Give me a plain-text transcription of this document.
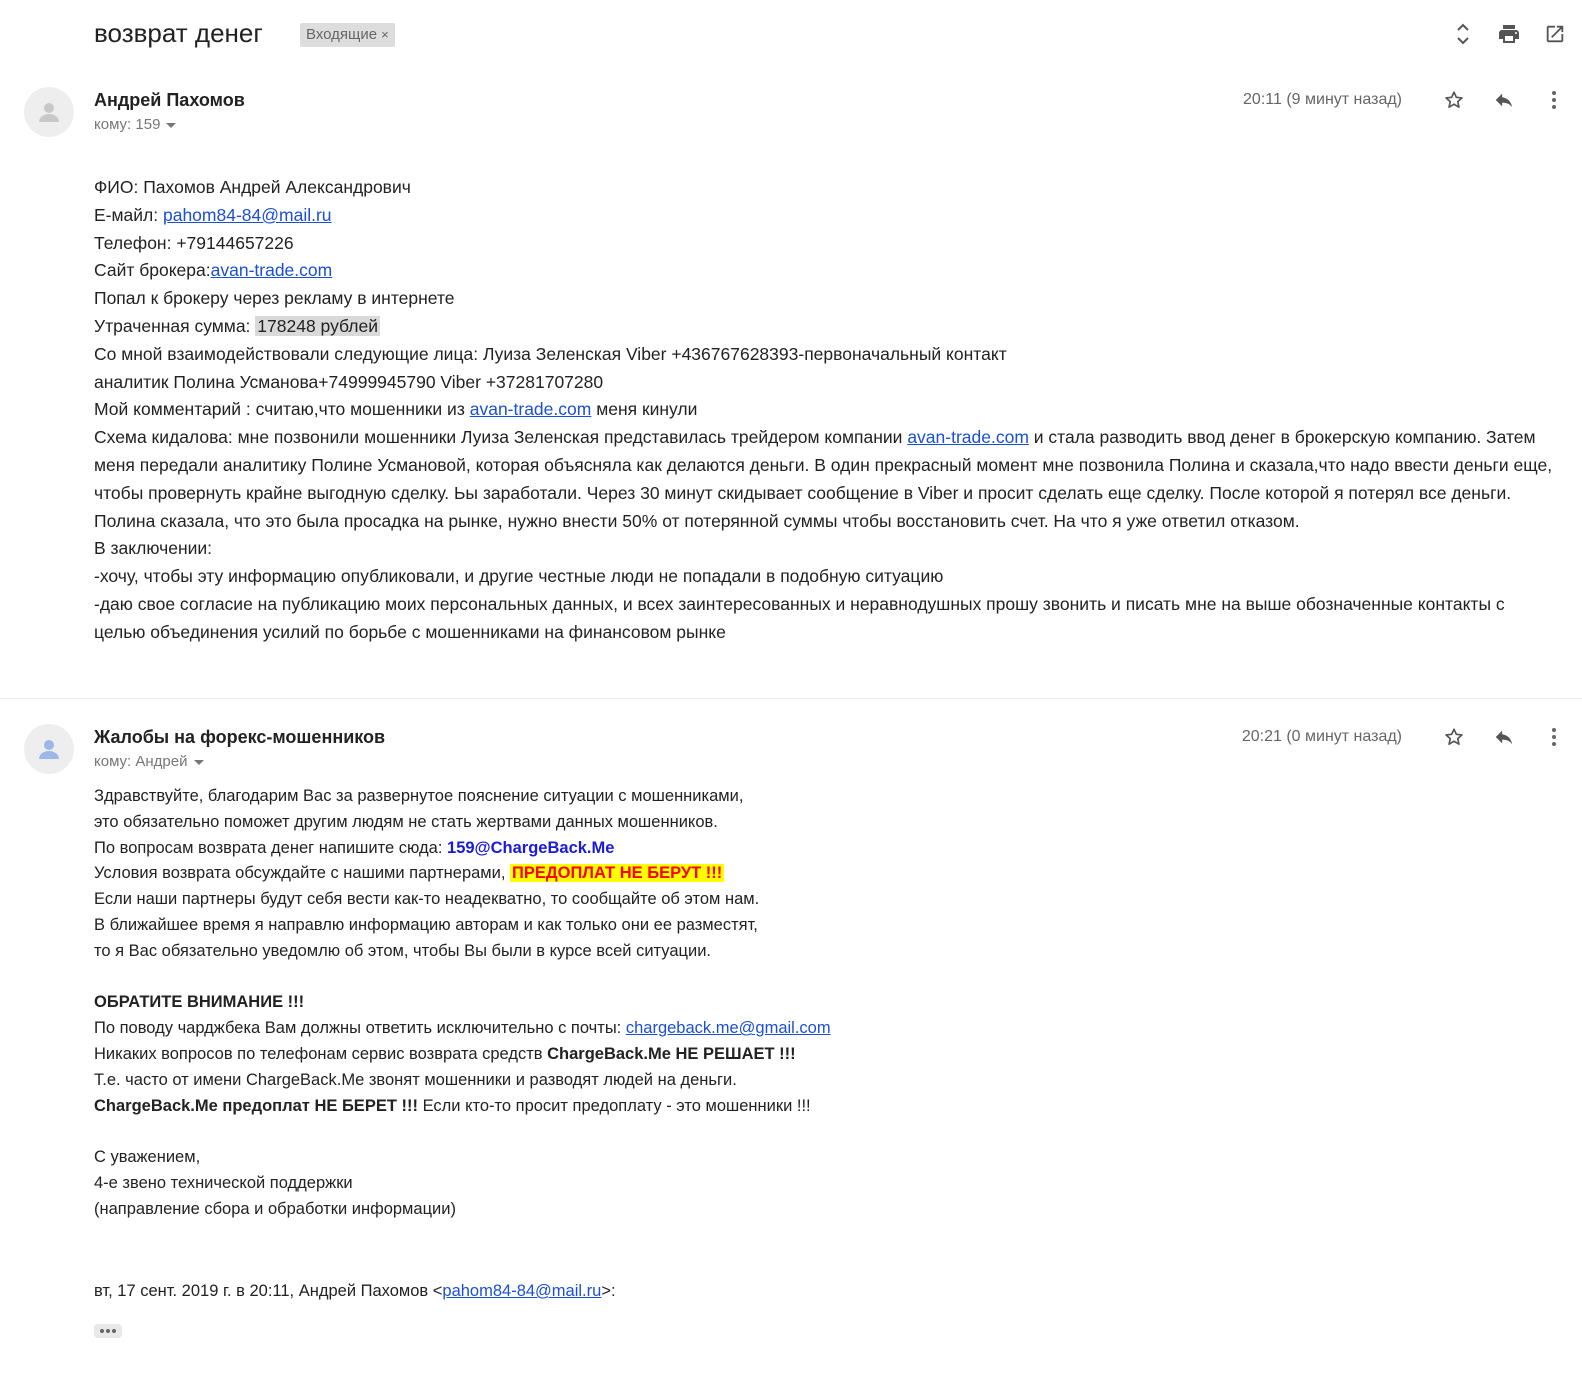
возврат денег	Входящие ×
Андрей Пахомов
кому: 159
20:11 (9 минут назад)

ФИО: Пахомов Андрей Александрович

Е-майл: pahom84-84@mail.ru

Телефон: +79144657226

Сайт брокера:avan-trade.com

Попал к брокеру через рекламу в интернете

Утраченная сумма: 178248 рублей

Со мной взаимодействовали следующие лица: Луиза Зеленская Viber +436767628393-первоначальный контакт

аналитик Полина Усманова+74999945790 Viber +37281707280

Мой комментарий : считаю,что мошенники из avan-trade.com меня кинули

Схема кидалова: мне позвонили мошенники Луиза Зеленская представилась трейдером компании avan-trade.com и стала разводить ввод денег в брокерскую компанию. Затем меня передали аналитику Полине Усмановой, которая объясняла как делаются деньги. В один прекрасный момент мне позвонила Полина и сказала,что надо ввести деньги еще, чтобы провернуть крайне выгодную сделку. Ьы заработали. Через 30 минут скидывает сообщение в Viber и просит сделать еще сделку. После которой я потерял все деньги. Полина сказала, что это была просадка на рынке, нужно внести 50% от потерянной суммы чтобы восстановить счет. На что я уже ответил отказом.

В заключении:

-хочу, чтобы эту информацию опубликовали, и другие честные люди не попадали в подобную ситуацию

-даю свое согласие на публикацию моих персональных данных, и всех заинтересованных и неравнодушных прошу звонить и писать мне на выше обозначенные контакты с целью объединения усилий по борьбе с мошенниками на финансовом рынке

Жалобы на форекс-мошенников
кому: Андрей
20:21 (0 минут назад)

Здравствуйте, благодарим Вас за развернутое пояснение ситуации с мошенниками,

это обязательно поможет другим людям не стать жертвами данных мошенников.

По вопросам возврата денег напишите сюда: 159@ChargeBack.Me

Условия возврата обсуждайте с нашими партнерами, ПРЕДОПЛАТ НЕ БЕРУТ !!!

Если наши партнеры будут себя вести как-то неадекватно, то сообщайте об этом нам.

В ближайшее время я направлю информацию авторам и как только они ее разместят,

то я Вас обязательно уведомлю об этом, чтобы Вы были в курсе всей ситуации.

ОБРАТИТЕ ВНИМАНИЕ !!!

По поводу чарджбека Вам должны ответить исключительно с почты: chargeback.me@gmail.com

Никаких вопросов по телефонам сервис возврата средств ChargeBack.Me НЕ РЕШАЕТ !!!

Т.е. часто от имени ChargeBack.Me звонят мошенники и разводят людей на деньги.

ChargeBack.Me предоплат НЕ БЕРЕТ !!! Если кто-то просит предоплату - это мошенники !!!

С уважением,

4-е звено технической поддержки

(направление сбора и обработки информации)

вт, 17 сент. 2019 г. в 20:11, Андрей Пахомов <pahom84-84@mail.ru>:
